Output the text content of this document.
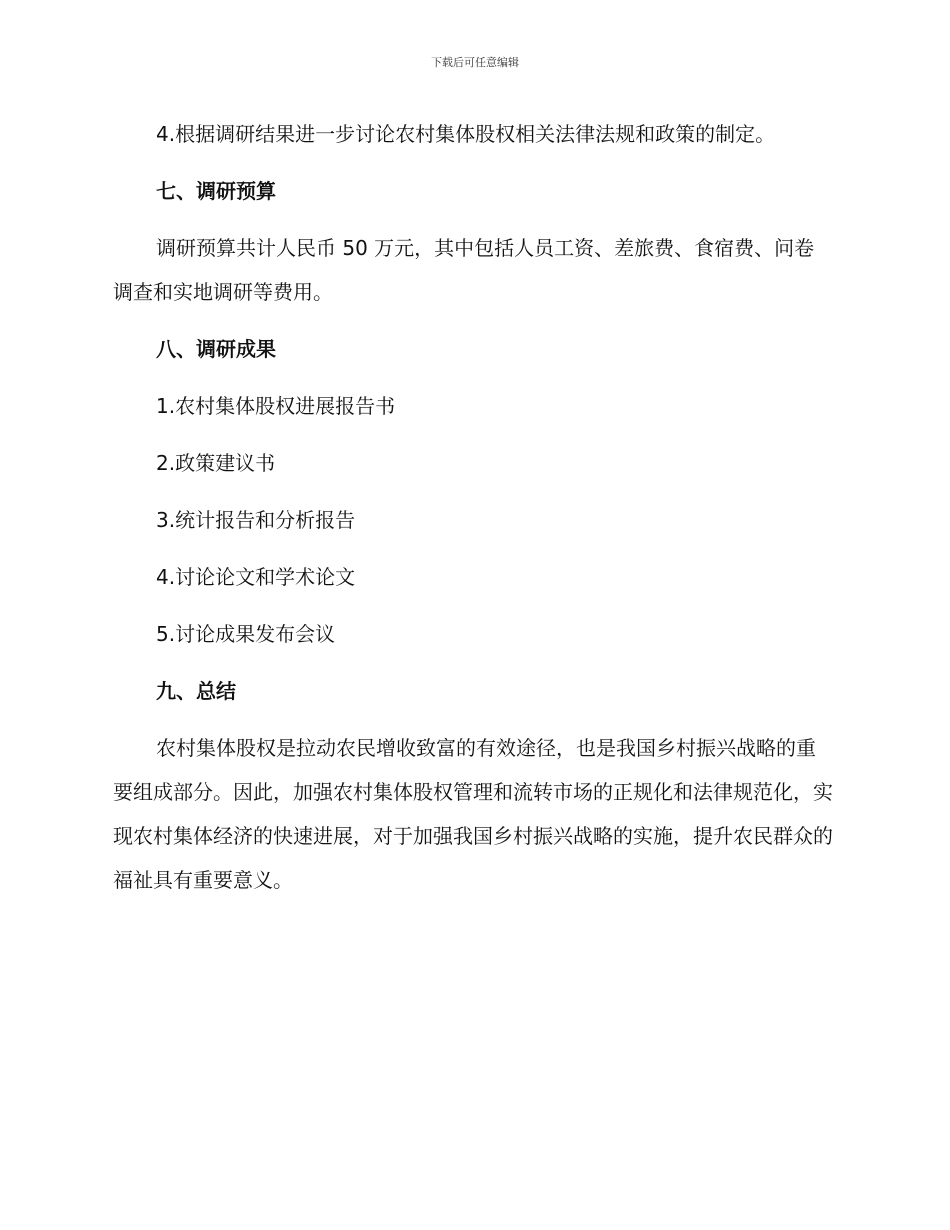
下载后可任意编辑

4.根据调研结果进一步讨论农村集体股权相关法律法规和政策的制定。

七、调研预算

调研预算共计人民币 50 万元，其中包括人员工资、差旅费、食宿费、问卷调查和实地调研等费用。

八、调研成果

1.农村集体股权进展报告书

2.政策建议书

3.统计报告和分析报告

4.讨论论文和学术论文

5.讨论成果发布会议

九、总结

农村集体股权是拉动农民增收致富的有效途径，也是我国乡村振兴战略的重要组成部分。因此，加强农村集体股权管理和流转市场的正规化和法律规范化，实现农村集体经济的快速进展，对于加强我国乡村振兴战略的实施，提升农民群众的福祉具有重要意义。
